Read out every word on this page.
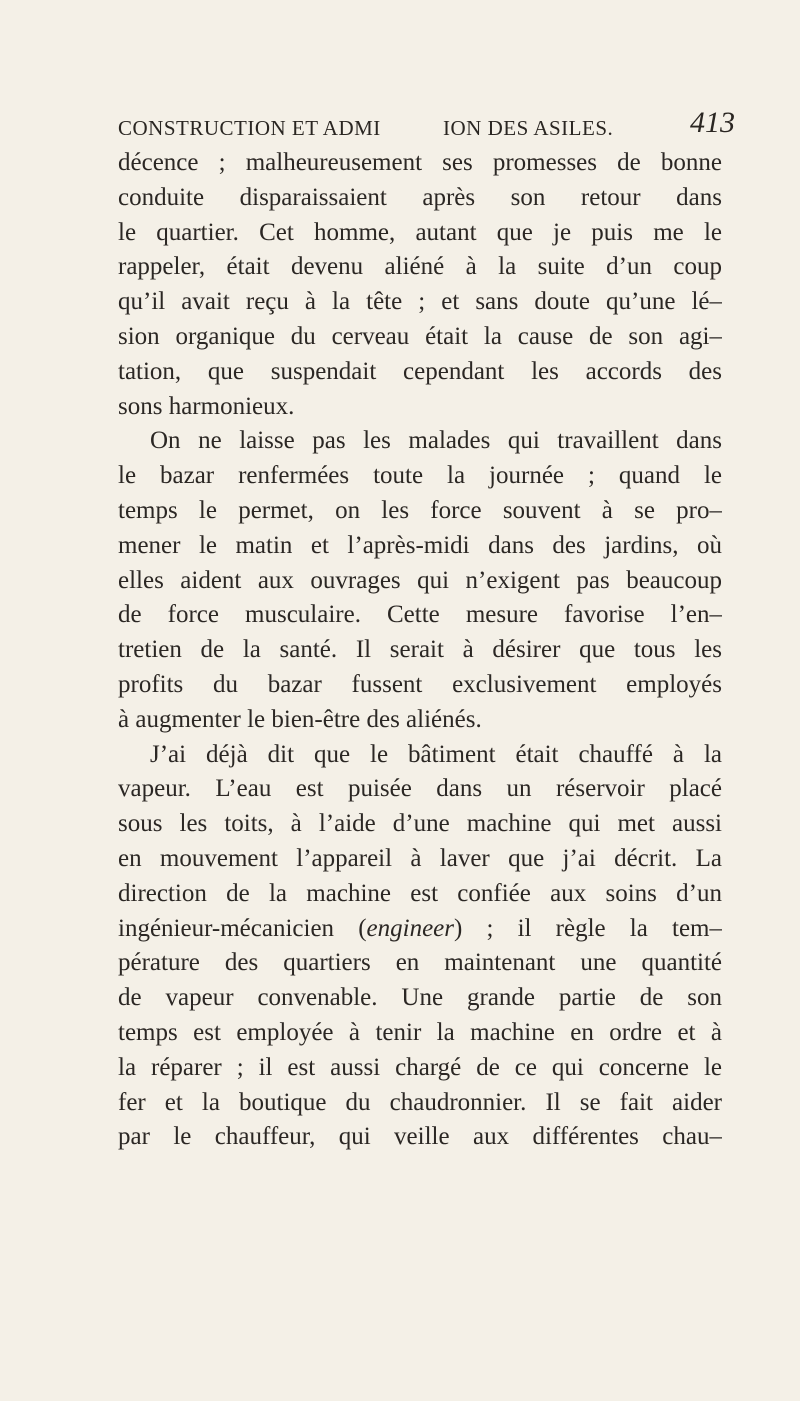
CONSTRUCTION ET ADMI	ION DES ASILES.	413
décence ; malheureusement ses promesses de bonne
conduite disparaissaient après son retour dans
le quartier. Cet homme, autant que je puis me le
rappeler, était devenu aliéné à la suite d’un coup
qu’il avait reçu à la tête ; et sans doute qu’une lé–
sion organique du cerveau était la cause de son agi–
tation, que suspendait cependant les accords des
sons harmonieux.
On ne laisse pas les malades qui travaillent dans
le bazar renfermées toute la journée ; quand le
temps le permet, on les force souvent à se pro–
mener le matin et l’après-midi dans des jardins, où
elles aident aux ouvrages qui n’exigent pas beaucoup
de force musculaire. Cette mesure favorise l’en–
tretien de la santé. Il serait à désirer que tous les
profits du bazar fussent exclusivement employés
à augmenter le bien-être des aliénés.
J’ai déjà dit que le bâtiment était chauffé à la
vapeur. L’eau est puisée dans un réservoir placé
sous les toits, à l’aide d’une machine qui met aussi
en mouvement l’appareil à laver que j’ai décrit. La
direction de la machine est confiée aux soins d’un
ingénieur-mécanicien (engineer) ; il règle la tem–
pérature des quartiers en maintenant une quantité
de vapeur convenable. Une grande partie de son
temps est employée à tenir la machine en ordre et à
la réparer ; il est aussi chargé de ce qui concerne le
fer et la boutique du chaudronnier. Il se fait aider
par le chauffeur, qui veille aux différentes chau–
